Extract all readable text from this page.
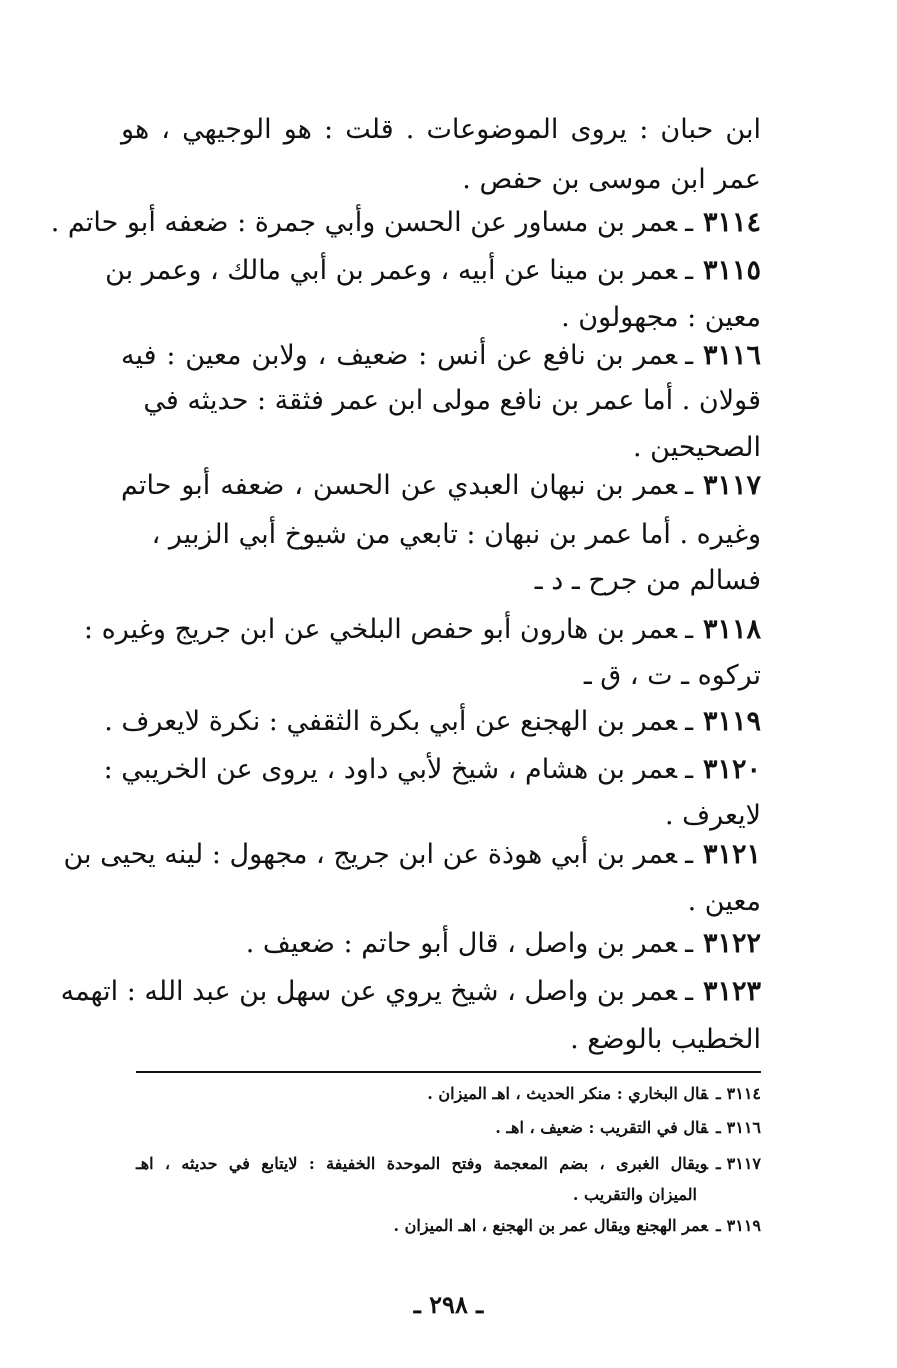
ابن حبان : يروى الموضوعات . قلت : هو الوجيهي ، هو
عمر ابن موسى بن حفص .
٣١١٤ـعمر بن مساور عن الحسن وأبي جمرة : ضعفه أبو حاتم .
٣١١٥ـعمر بن مينا عن أبيه ، وعمر بن أبي مالك ، وعمر بن
معين : مجهولون .
٣١١٦ـعمر بن نافع عن أنس : ضعيف ، ولابن معين : فيه
قولان . أما عمر بن نافع مولى ابن عمر فثقة : حديثه في
الصحيحين .
٣١١٧ـعمر بن نبهان العبدي عن الحسن ، ضعفه أبو حاتم
وغيره . أما عمر بن نبهان : تابعي من شيوخ أبي الزبير ،
فسالم من جرح ـ د ـ
٣١١٨ـعمر بن هارون أبو حفص البلخي عن ابن جريج وغيره :
تركوه ـ ت ، ق ـ
٣١١٩ـعمر بن الهجنع عن أبي بكرة الثقفي : نكرة لايعرف .
٣١٢٠ـعمر بن هشام ، شيخ لأبي داود ، يروى عن الخريبي :
لايعرف .
٣١٢١ـعمر بن أبي هوذة عن ابن جريج ، مجهول : لينه يحيى بن
معين .
٣١٢٢ـعمر بن واصل ، قال أبو حاتم : ضعيف .
٣١٢٣ـعمر بن واصل ، شيخ يروي عن سهل بن عبد الله : اتهمه
الخطيب بالوضع .
٣١١٤ـقال البخاري : منكر الحديث ، اهـ الميزان .
٣١١٦ـقال في التقريب : ضعيف ، اهـ .
٣١١٧ـويقال الغبرى ، بضم المعجمة وفتح الموحدة الخفيفة : لايتابع في حديثه ، اهـ
الميزان والتقريب .
٣١١٩ـعمر الهجنع ويقال عمر بن الهجنع ، اهـ الميزان .
ـ ٢٩٨ ـ
